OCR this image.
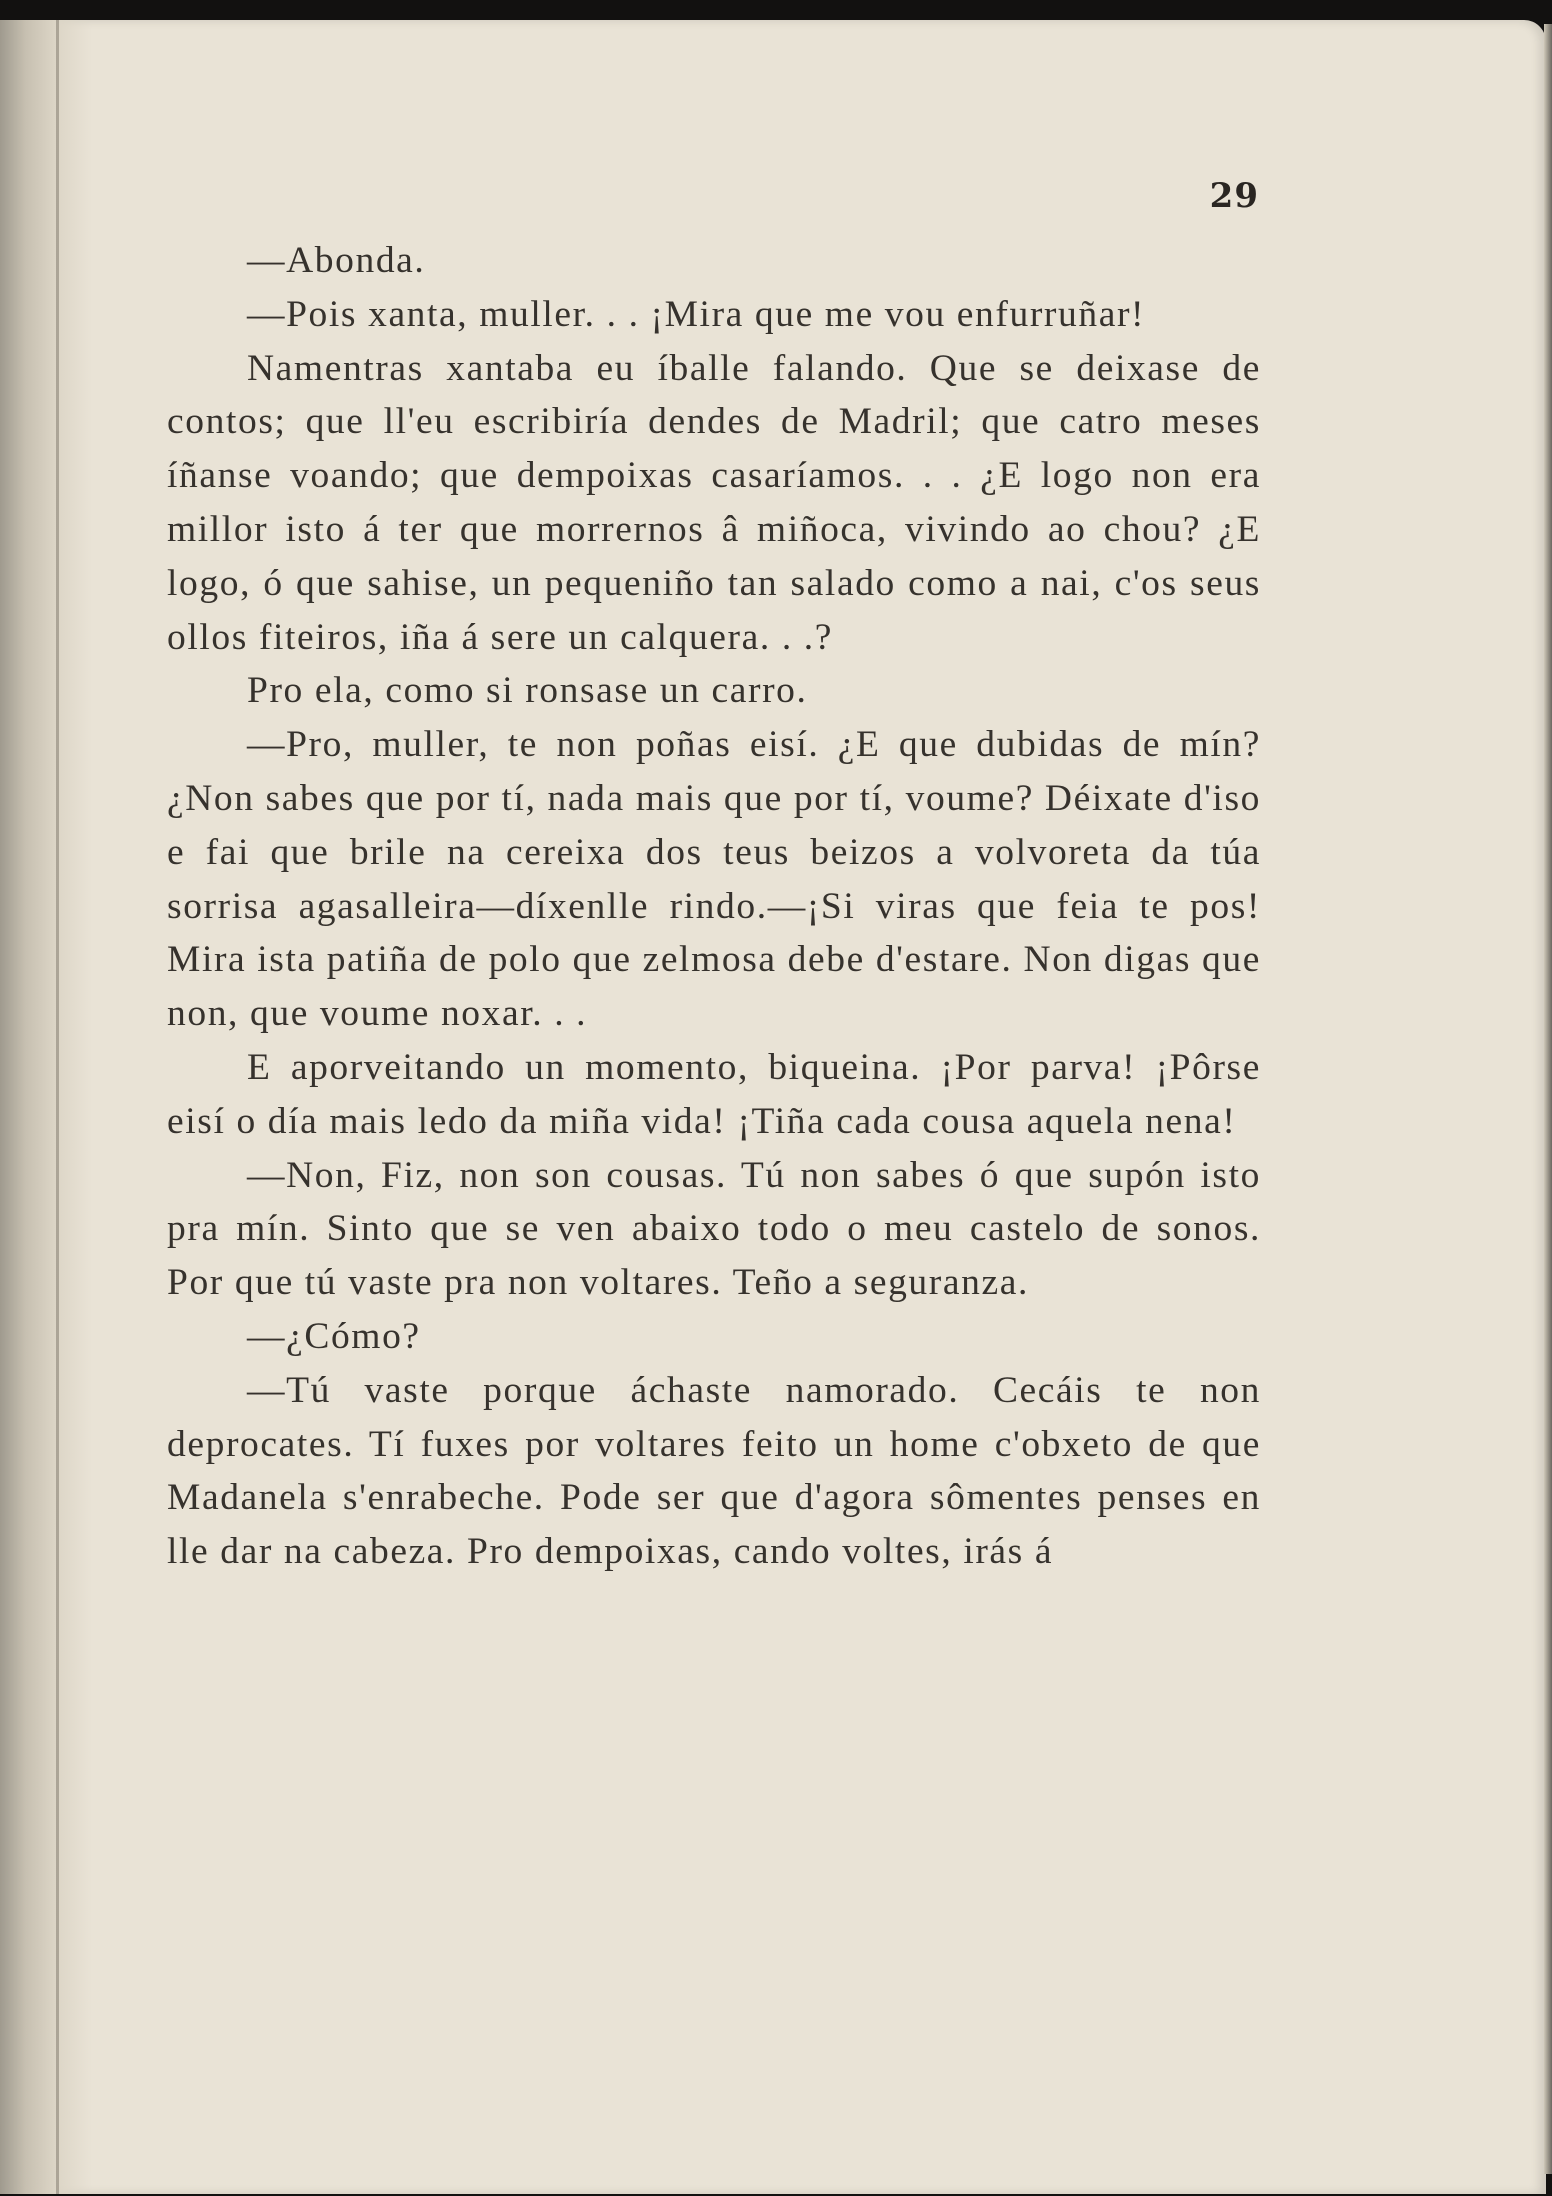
29

—Abonda.

—Pois xanta, muller. . . ¡Mira que me vou enfurruñar!

Namentras xantaba eu íballe falando. Que se deixase de contos; que ll'eu escribiría dendes de Madril; que catro meses íñanse voando; que dempoixas casaríamos. . . ¿E logo non era millor isto á ter que morrernos â miñoca, vivindo ao chou? ¿E logo, ó que sahise, un pequeniño tan salado como a nai, c'os seus ollos fiteiros, iña á sere un calquera. . .?

Pro ela, como si ronsase un carro.

—Pro, muller, te non poñas eisí. ¿E que dubidas de mín? ¿Non sabes que por tí, nada mais que por tí, voume? Déixate d'iso e fai que brile na cereixa dos teus beizos a volvoreta da túa sorrisa agasalleira—díxenlle rindo.—¡Si viras que feia te pos! Mira ista patiña de polo que zelmosa debe d'estare. Non digas que non, que voume noxar. . .

E aporveitando un momento, biqueina. ¡Por parva! ¡Pôrse eisí o día mais ledo da miña vida! ¡Tiña cada cousa aquela nena!

—Non, Fiz, non son cousas. Tú non sabes ó que supón isto pra mín. Sinto que se ven abaixo todo o meu castelo de sonos. Por que tú vaste pra non voltares. Teño a seguranza.

—¿Cómo?

—Tú vaste porque áchaste namorado. Cecáis te non deprocates. Tí fuxes por voltares feito un home c'obxeto de que Madanela s'enrabeche. Pode ser que d'agora sômentes penses en lle dar na cabeza. Pro dempoixas, cando voltes, irás á
